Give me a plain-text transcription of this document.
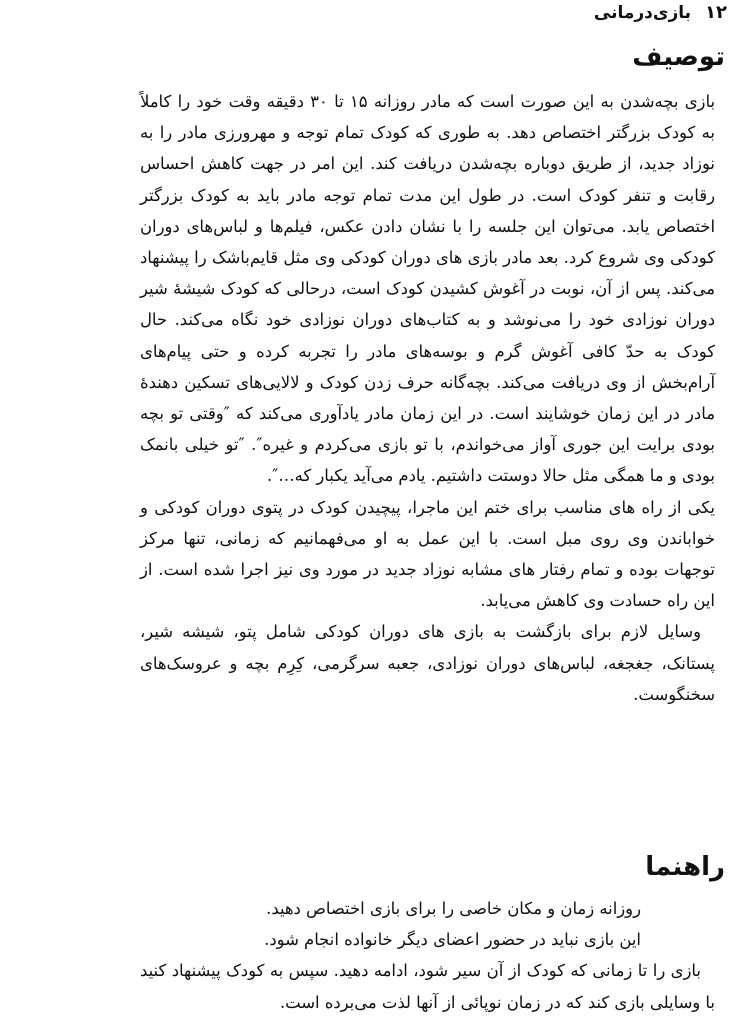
۱۲
بازی‌درمانی
توصیف

بازی بچه‌شدن به این صورت است که مادر روزانه ۱۵ تا ۳۰ دقیقه وقت خود را کاملاً به کودک بزرگتر اختصاص دهد. به طوری که کودک تمام توجه و مهرورزی مادر را به نوزاد جدید، از طریق دوباره بچه‌شدن دریافت کند. این امر در جهت کاهش احساس رقابت و تنفر کودک است. در طول این مدت تمام توجه مادر باید به کودک بزرگتر اختصاص یابد. می‌توان این جلسه را با نشان دادن عکس، فیلم‌ها و لباس‌های دوران کودکی وی شروع کرد. بعد مادر بازی های دوران کودکی وی مثل قایم‌باشک را پیشنهاد می‌کند. پس از آن، نوبت در آغوش کشیدن کودک است، درحالی که کودک شیشهٔ شیر دوران نوزادی خود را می‌نوشد و به کتاب‌های دوران نوزادی خود نگاه می‌کند. حال کودک به حدّ کافی آغوش گرم و بوسه‌های مادر را تجربه کرده و حتی پیام‌های آرام‌بخش از وی دریافت می‌کند. بچه‌گانه حرف زدن کودک و لالایی‌های تسکین دهندهٔ مادر در این زمان خوشایند است. در این زمان مادر یادآوری می‌کند که ″وقتی تو بچه بودی برایت این جوری آواز می‌خواندم، با تو بازی می‌کردم و غیره″. ″تو خیلی بانمک بودی و ما همگی مثل حالا دوستت داشتیم. یادم می‌آید یکبار که…″.

یکی از راه های مناسب برای ختم این ماجرا، پیچیدن کودک در پتوی دوران کودکی و خواباندن وی روی مبل است. با این عمل به او می‌فهمانیم که زمانی، تنها مرکز توجهات بوده و تمام رفتار های مشابه نوزاد جدید در مورد وی نیز اجرا شده است. از این راه حسادت وی کاهش می‌یابد.

وسایل لازم برای بازگشت به بازی های دوران کودکی شامل پتو، شیشه شیر، پستانک، جغجغه، لباس‌های دوران نوزادی، جعبه سرگرمی، کِرِم بچه و عروسک‌های سخنگوست.

راهنما

روزانه زمان و مکان خاصی را برای بازی اختصاص دهید.

این بازی نباید در حضور اعضای دیگر خانواده انجام شود.

بازی را تا زمانی که کودک از آن سیر شود، ادامه دهید. سپس به کودک پیشنهاد کنید با وسایلی بازی کند که در زمان نوپائی از آنها لذت می‌برده است.
